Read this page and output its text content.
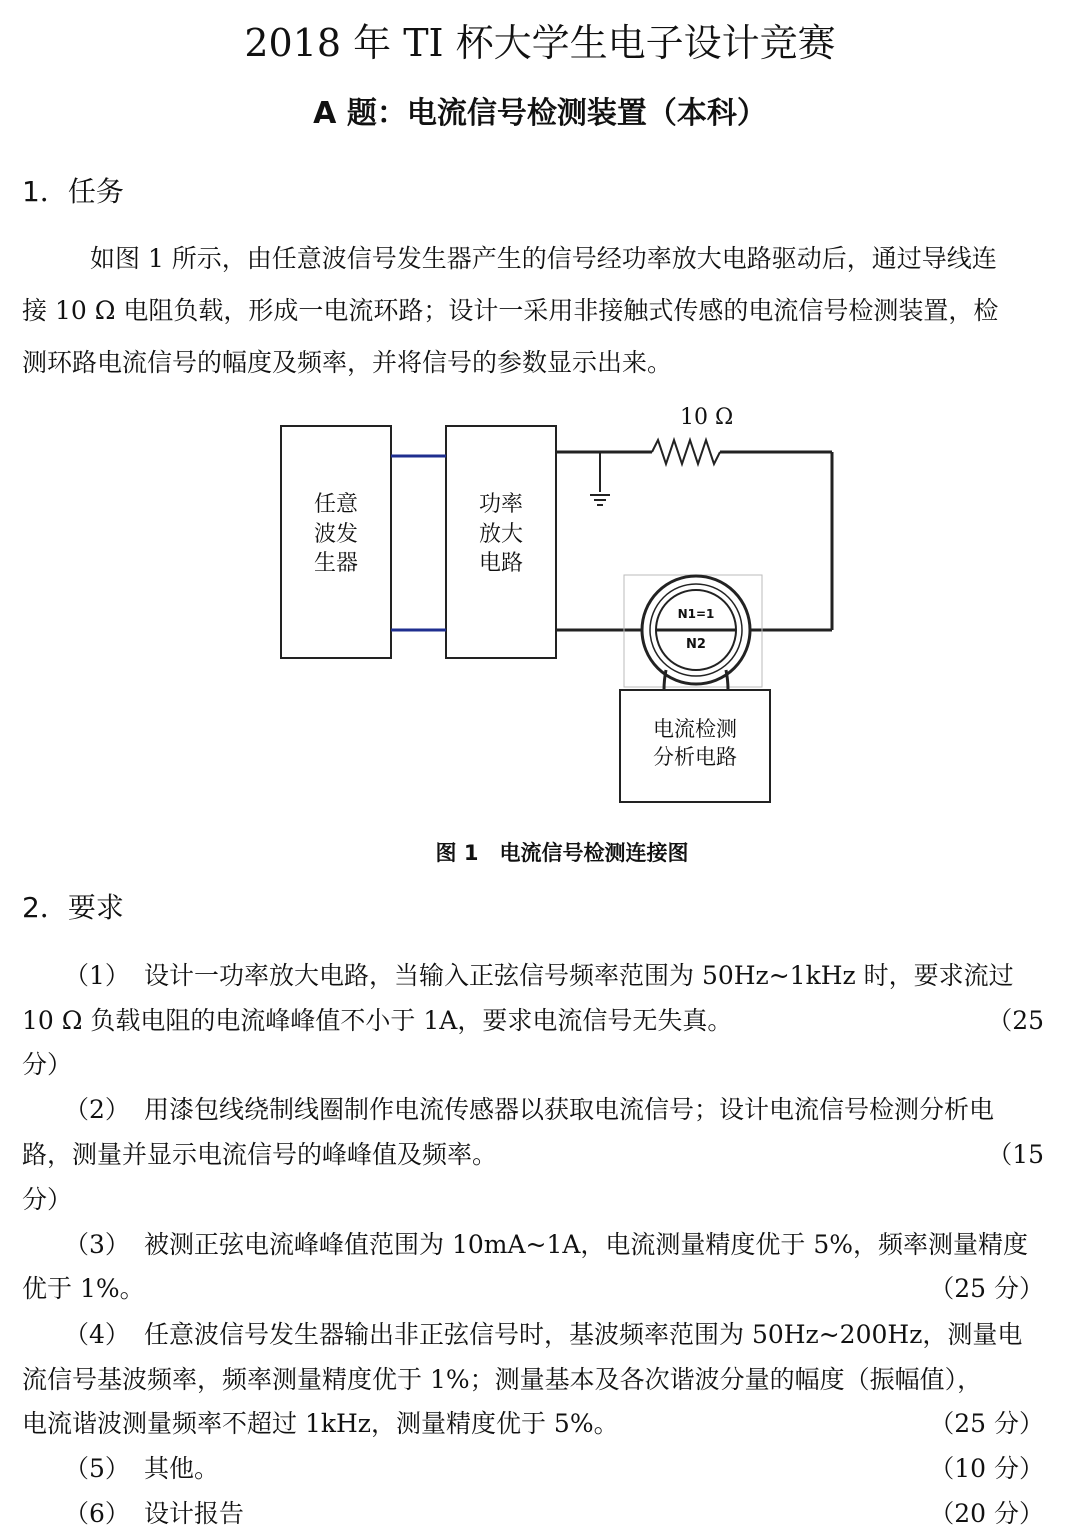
2018 年 TI 杯大学生电子设计竞赛
A 题：电流信号检测装置（本科）
1．任务
如图 1 所示，由任意波信号发生器产生的信号经功率放大电路驱动后，通过导线连
接 10 Ω 电阻负载，形成一电流环路；设计一采用非接触式传感的电流信号检测装置，检
测环路电流信号的幅度及频率，并将信号的参数显示出来。
10 Ω
任意
波发
生器
功率
放大
电路
N1=1
N2
电流检测
分析电路
图 1　电流信号检测连接图
2．要求
（1） 设计一功率放大电路，当输入正弦信号频率范围为 50Hz~1kHz 时，要求流过
10 Ω 负载电阻的电流峰峰值不小于 1A，要求电流信号无失真。	（25
分）
（2） 用漆包线绕制线圈制作电流传感器以获取电流信号；设计电流信号检测分析电
路，测量并显示电流信号的峰峰值及频率。	（15
分）
（3） 被测正弦电流峰峰值范围为 10mA~1A，电流测量精度优于 5%，频率测量精度
优于 1%。	（25 分）
（4） 任意波信号发生器输出非正弦信号时，基波频率范围为 50Hz~200Hz，测量电
流信号基波频率，频率测量精度优于 1%；测量基本及各次谐波分量的幅度（振幅值），
电流谐波测量频率不超过 1kHz，测量精度优于 5%。	（25 分）
（5） 其他。	（10 分）
（6） 设计报告	（20 分）
